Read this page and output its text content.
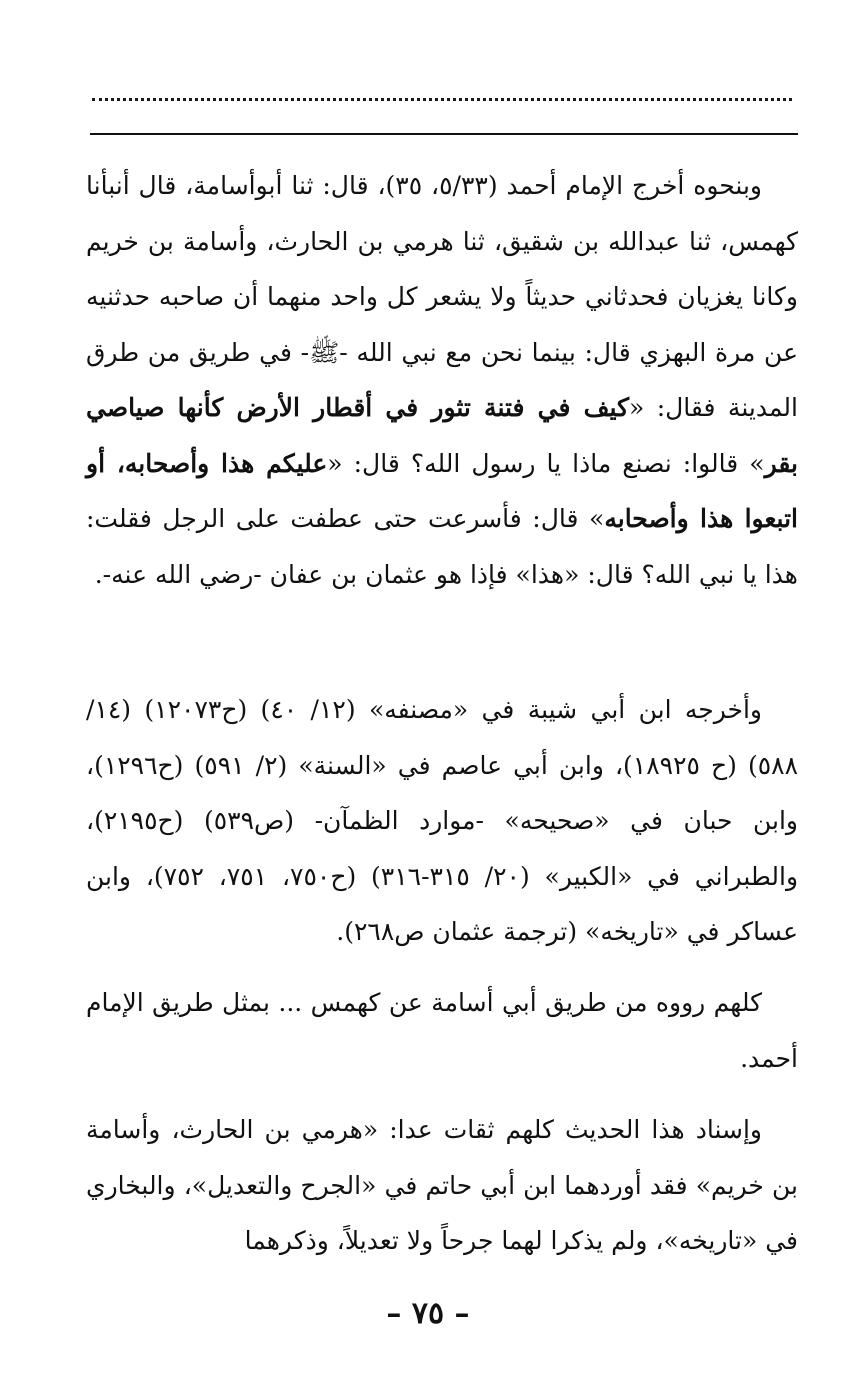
وبنحوه أخرج الإمام أحمد (٥/٣٣، ٣٥)، قال: ثنا أبوأسامة، قال أنبأنا كهمس، ثنا عبدالله بن شقيق، ثنا هرمي بن الحارث، وأسامة بن خريم وكانا يغزيان فحدثاني حديثاً ولا يشعر كل واحد منهما أن صاحبه حدثنيه عن مرة البهزي قال: بينما نحن مع نبي الله -ﷺ- في طريق من طرق المدينة فقال: «كيف في فتنة تثور في أقطار الأرض كأنها صياصي بقر» قالوا: نصنع ماذا يا رسول الله؟ قال: «عليكم هذا وأصحابه، أو اتبعوا هذا وأصحابه» قال: فأسرعت حتى عطفت على الرجل فقلت: هذا يا نبي الله؟ قال: «هذا» فإذا هو عثمان بن عفان -رضي الله عنه-.

وأخرجه ابن أبي شيبة في «مصنفه» (١٢/ ٤٠) (ح١٢٠٧٣) (١٤/ ٥٨٨) (ح ١٨٩٢٥)، وابن أبي عاصم في «السنة» (٢/ ٥٩١) (ح١٢٩٦)، وابن حبان في «صحيحه» -موارد الظمآن- (ص٥٣٩) (ح٢١٩٥)، والطبراني في «الكبير» (٢٠/ ٣١٥-٣١٦) (ح٧٥٠، ٧٥١، ٧٥٢)، وابن عساكر في «تاريخه» (ترجمة عثمان ص٢٦٨).

كلهم رووه من طريق أبي أسامة عن كهمس ... بمثل طريق الإمام أحمد.

وإسناد هذا الحديث كلهم ثقات عدا: «هرمي بن الحارث، وأسامة بن خريم» فقد أوردهما ابن أبي حاتم في «الجرح والتعديل»، والبخاري في «تاريخه»، ولم يذكرا لهما جرحاً ولا تعديلاً، وذكرهما

– ٧٥ –
